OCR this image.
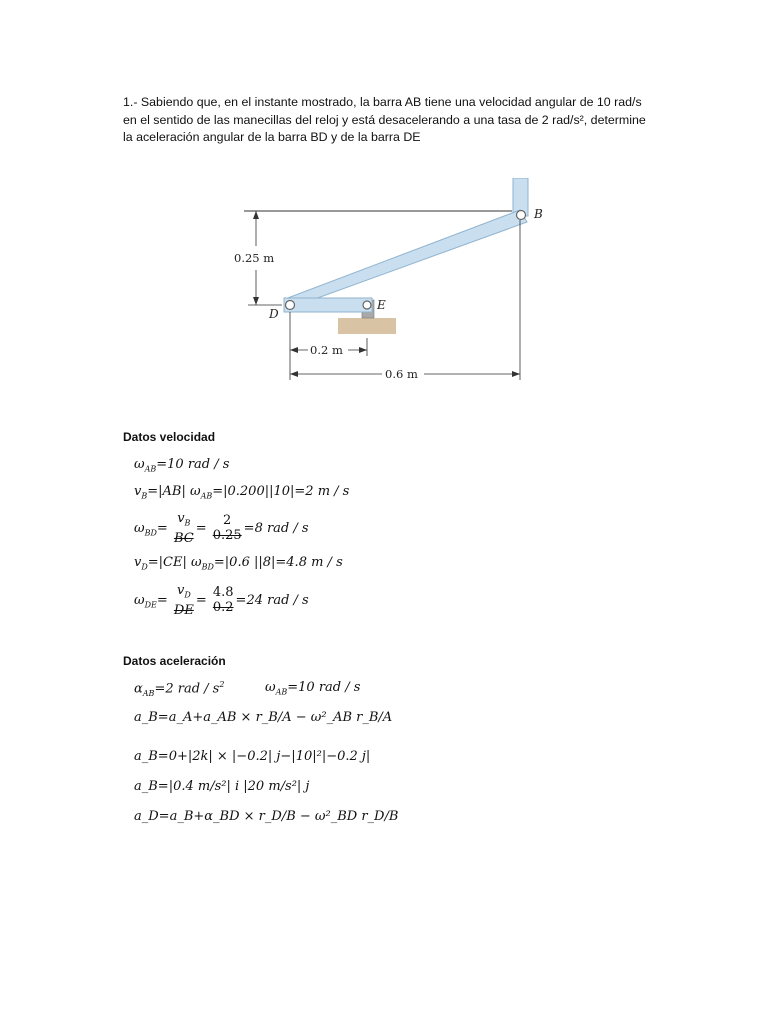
1.- Sabiendo que, en el instante mostrado, la barra AB tiene una velocidad angular de 10 rad/s en el sentido de las manecillas del reloj y está desacelerando a una tasa de 2 rad/s², determine la aceleración angular de la barra BD y de la barra DE

0.25 m
B
D
E
0.2 m
0.6 m

Datos velocidad

$\omega_{AB}=10$ rad / s

$v_B=|AB|$ $\omega_{AB}=|0.200||10|=2$ m / s

$\omega_{BD}=$
$v_B$
BC
= 2
0.25 =8 rad / s

$v_D=|CE|$ $\omega_{BD}=|0.6$ ||8|=4.8 m / s

$\omega_{DE}=$
$v_D$
DE
= 4.8
0.2 =24 rad / s

Datos aceleración

$\alpha_{AB}=2$ rad / $s^2$	$\omega_{AB}=10$ rad / s

a_B=a_A+a_AB × r_B/A − ω²_AB r_B/A

a_B=0+|2k| × |−0.2| j−|10|²|−0.2 j|

a_B=|0.4 m/s²| i |20 m/s²| j

a_D=a_B+α_BD × r_D/B − ω²_BD r_D/B
